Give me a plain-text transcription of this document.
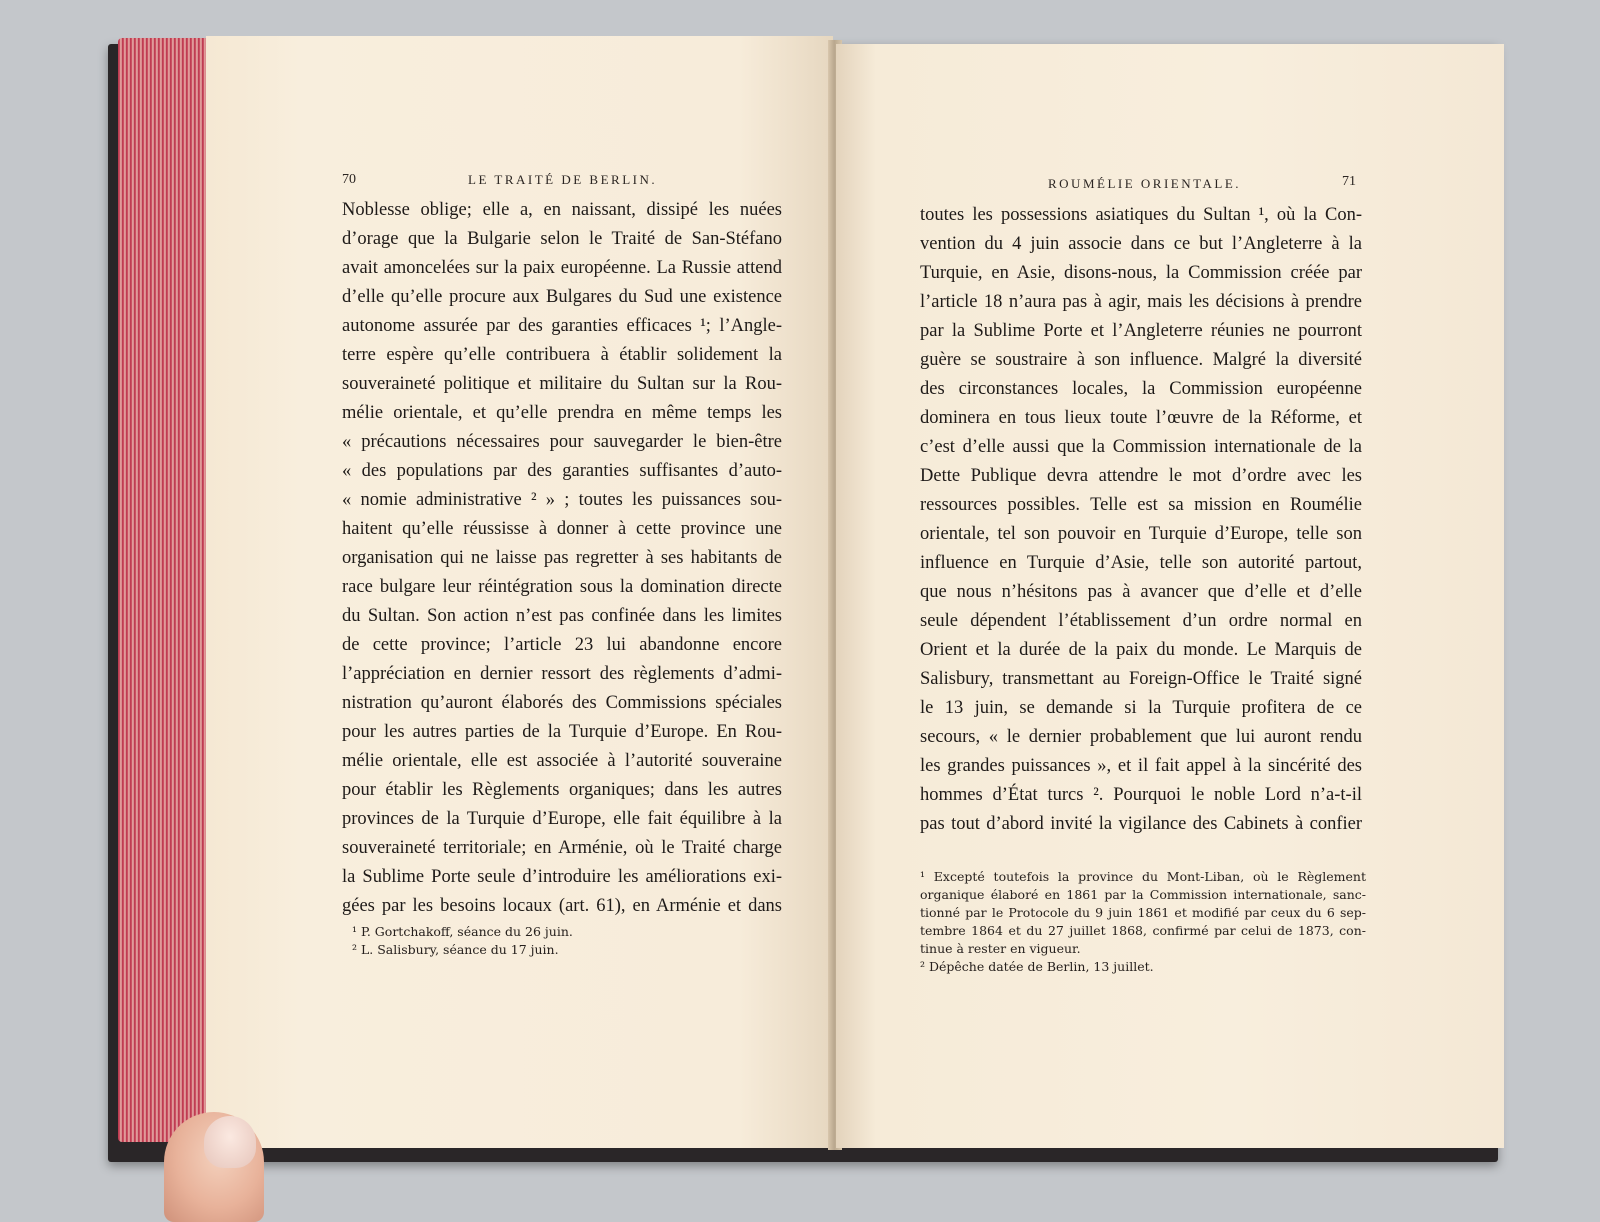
70	LE TRAITÉ DE BERLIN.
Noblesse oblige; elle a, en naissant, dissipé les nuées
d’orage que la Bulgarie selon le Traité de San-Stéfano
avait amoncelées sur la paix européenne. La Russie attend
d’elle qu’elle procure aux Bulgares du Sud une existence
autonome assurée par des garanties efficaces ¹; l’Angle-
terre espère qu’elle contribuera à établir solidement la
souveraineté politique et militaire du Sultan sur la Rou-
mélie orientale, et qu’elle prendra en même temps les
« précautions nécessaires pour sauvegarder le bien-être
« des populations par des garanties suffisantes d’auto-
« nomie administrative ² » ; toutes les puissances sou-
haitent qu’elle réussisse à donner à cette province une
organisation qui ne laisse pas regretter à ses habitants de
race bulgare leur réintégration sous la domination directe
du Sultan. Son action n’est pas confinée dans les limites
de cette province; l’article 23 lui abandonne encore
l’appréciation en dernier ressort des règlements d’admi-
nistration qu’auront élaborés des Commissions spéciales
pour les autres parties de la Turquie d’Europe. En Rou-
mélie orientale, elle est associée à l’autorité souveraine
pour établir les Règlements organiques; dans les autres
provinces de la Turquie d’Europe, elle fait équilibre à la
souveraineté territoriale; en Arménie, où le Traité charge
la Sublime Porte seule d’introduire les améliorations exi-
gées par les besoins locaux (art. 61), en Arménie et dans
¹ P. Gortchakoff, séance du 26 juin.
² L. Salisbury, séance du 17 juin.
ROUMÉLIE ORIENTALE.	71
toutes les possessions asiatiques du Sultan ¹, où la Con-
vention du 4 juin associe dans ce but l’Angleterre à la
Turquie, en Asie, disons-nous, la Commission créée par
l’article 18 n’aura pas à agir, mais les décisions à prendre
par la Sublime Porte et l’Angleterre réunies ne pourront
guère se soustraire à son influence. Malgré la diversité
des circonstances locales, la Commission européenne
dominera en tous lieux toute l’œuvre de la Réforme, et
c’est d’elle aussi que la Commission internationale de la
Dette Publique devra attendre le mot d’ordre avec les
ressources possibles. Telle est sa mission en Roumélie
orientale, tel son pouvoir en Turquie d’Europe, telle son
influence en Turquie d’Asie, telle son autorité partout,
que nous n’hésitons pas à avancer que d’elle et d’elle
seule dépendent l’établissement d’un ordre normal en
Orient et la durée de la paix du monde. Le Marquis de
Salisbury, transmettant au Foreign-Office le Traité signé
le 13 juin, se demande si la Turquie profitera de ce
secours, « le dernier probablement que lui auront rendu
les grandes puissances », et il fait appel à la sincérité des
hommes d’État turcs ². Pourquoi le noble Lord n’a-t-il
pas tout d’abord invité la vigilance des Cabinets à confier
¹ Excepté toutefois la province du Mont-Liban, où le Règlement
organique élaboré en 1861 par la Commission internationale, sanc-
tionné par le Protocole du 9 juin 1861 et modifié par ceux du 6 sep-
tembre 1864 et du 27 juillet 1868, confirmé par celui de 1873, con-
tinue à rester en vigueur.
² Dépêche datée de Berlin, 13 juillet.
